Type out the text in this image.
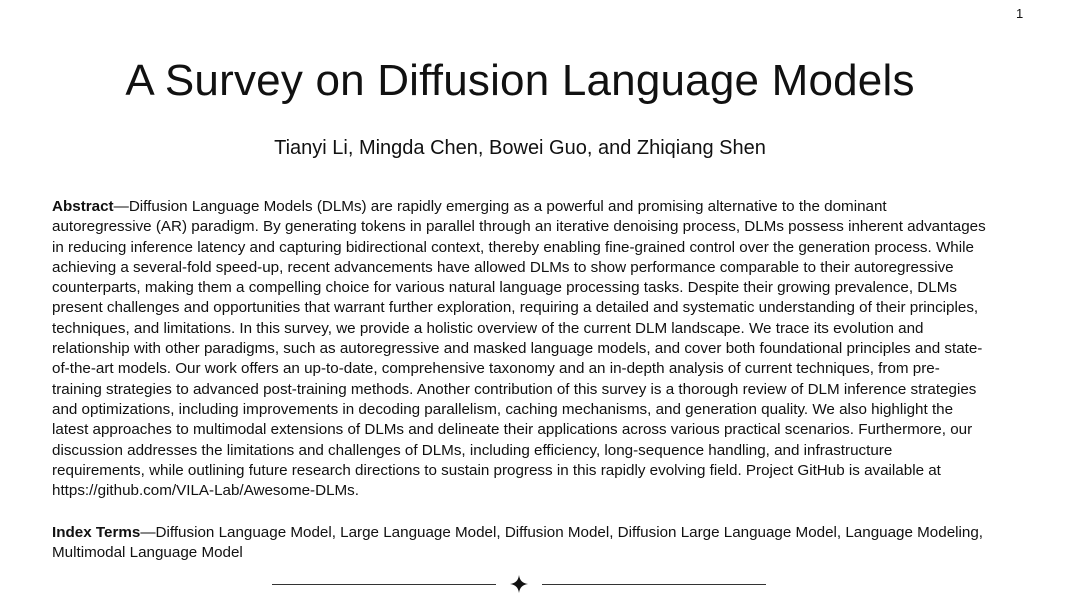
1
A Survey on Diffusion Language Models

Tianyi Li, Mingda Chen, Bowei Guo, and Zhiqiang Shen

Abstract—Diffusion Language Models (DLMs) are rapidly emerging as a powerful and promising alternative to the dominant autoregressive (AR) paradigm. By generating tokens in parallel through an iterative denoising process, DLMs possess inherent advantages in reducing inference latency and capturing bidirectional context, thereby enabling fine-grained control over the generation process. While achieving a several-fold speed-up, recent advancements have allowed DLMs to show performance comparable to their autoregressive counterparts, making them a compelling choice for various natural language processing tasks. Despite their growing prevalence, DLMs present challenges and opportunities that warrant further exploration, requiring a detailed and systematic understanding of their principles, techniques, and limitations. In this survey, we provide a holistic overview of the current DLM landscape. We trace its evolution and relationship with other paradigms, such as autoregressive and masked language models, and cover both foundational principles and state-of-the-art models. Our work offers an up-to-date, comprehensive taxonomy and an in-depth analysis of current techniques, from pre-training strategies to advanced post-training methods. Another contribution of this survey is a thorough review of DLM inference strategies and optimizations, including improvements in decoding parallelism, caching mechanisms, and generation quality. We also highlight the latest approaches to multimodal extensions of DLMs and delineate their applications across various practical scenarios. Furthermore, our discussion addresses the limitations and challenges of DLMs, including efficiency, long-sequence handling, and infrastructure requirements, while outlining future research directions to sustain progress in this rapidly evolving field. Project GitHub is available at https://github.com/VILA-Lab/Awesome-DLMs.

Index Terms—Diffusion Language Model, Large Language Model, Diffusion Model, Diffusion Large Language Model, Language Modeling, Multimodal Language Model
